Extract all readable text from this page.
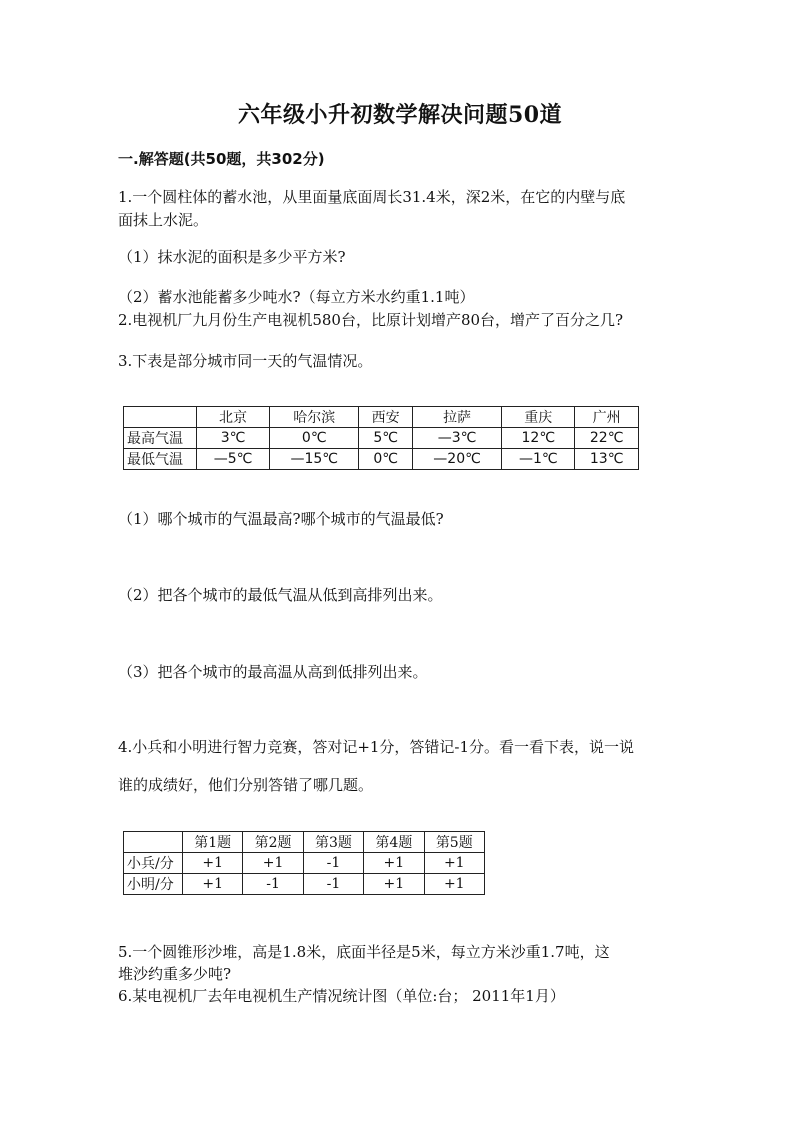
六年级小升初数学解决问题50道
一.解答题(共50题，共302分)
1.一个圆柱体的蓄水池，从里面量底面周长31.4米，深2米，在它的内壁与底
面抹上水泥。
（1）抹水泥的面积是多少平方米?
（2）蓄水池能蓄多少吨水?（每立方米水约重1.1吨）
2.电视机厂九月份生产电视机580台，比原计划增产80台，增产了百分之几?
3.下表是部分城市同一天的气温情况。
	北京	哈尔滨	西安	拉萨	重庆	广州
最高气温	3℃	0℃	5℃	—3℃	12℃	22℃
最低气温	—5℃	—15℃	0℃	—20℃	—1℃	13℃
（1）哪个城市的气温最高?哪个城市的气温最低?
（2）把各个城市的最低气温从低到高排列出来。
（3）把各个城市的最高温从高到低排列出来。
4.小兵和小明进行智力竞赛，答对记+1分，答错记-1分。看一看下表，说一说
谁的成绩好，他们分别答错了哪几题。
	第1题	第2题	第3题	第4题	第5题
小兵/分	+1	+1	-1	+1	+1
小明/分	+1	-1	-1	+1	+1
5.一个圆锥形沙堆，高是1.8米，底面半径是5米，每立方米沙重1.7吨，这
堆沙约重多少吨?
6.某电视机厂去年电视机生产情况统计图（单位:台； 2011年1月）
